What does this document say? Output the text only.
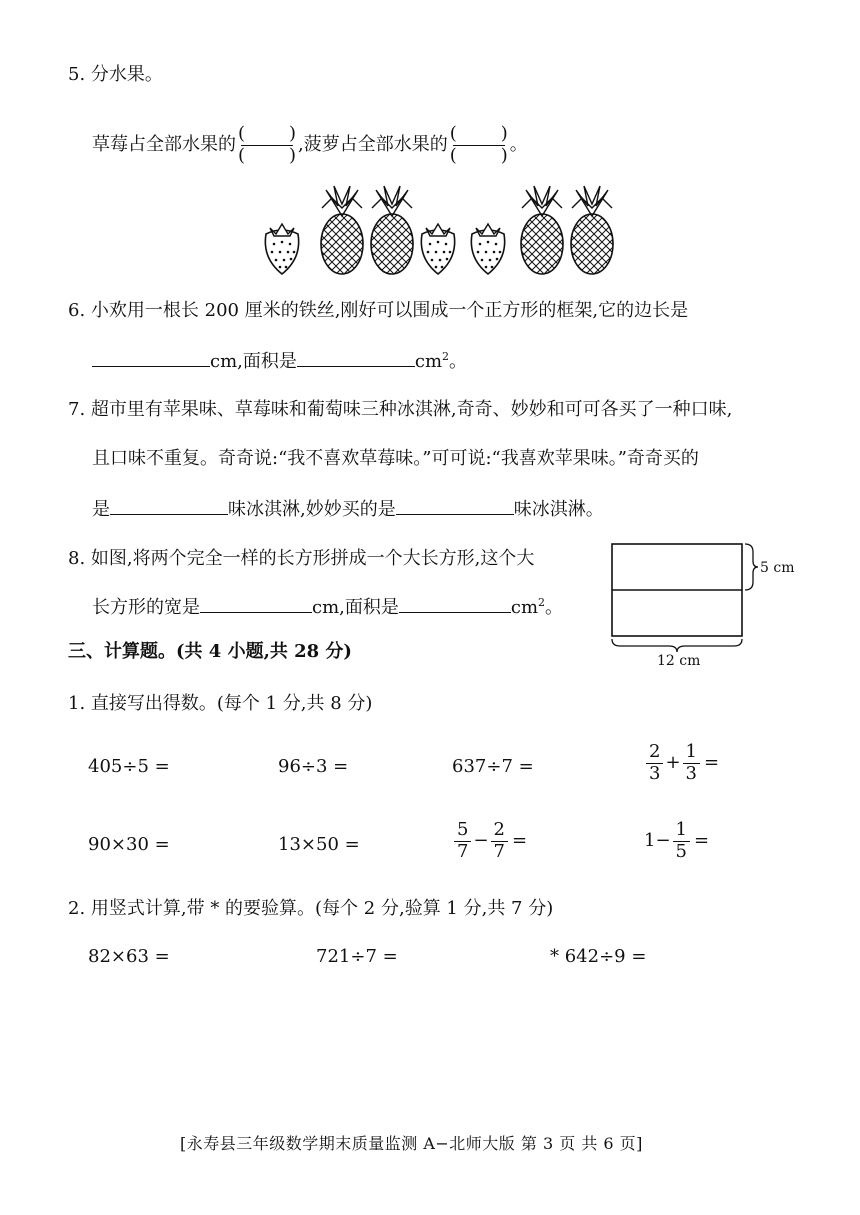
5. 分水果。
草莓占全部水果的 $\frac{( )}{( )}$ ,菠萝占全部水果的 $\frac{( )}{( )}$ 。
6. 小欢用一根长 200 厘米的铁丝,刚好可以围成一个正方形的框架,它的边长是
cm,面积是	$cm^2$。
7. 超市里有苹果味、草莓味和葡萄味三种冰淇淋,奇奇、妙妙和可可各买了一种口味,
且口味不重复。奇奇说:“我不喜欢草莓味。”可可说:“我喜欢苹果味。”奇奇买的
是	味冰淇淋,妙妙买的是	味冰淇淋。
8. 如图,将两个完全一样的长方形拼成一个大长方形,这个大
长方形的宽是	cm,面积是	$cm^2$。
5 cm
12 cm
三、计算题。(共 4 小题,共 28 分)
1. 直接写出得数。(每个 1 分,共 8 分)
405÷5 =	96÷3 =	637÷7 =	$\frac{2}{3} + \frac{1}{3}$ =
90×30 =	13×50 =	$\frac{5}{7} - \frac{2}{7}$ =	$1- \frac{1}{5}$ =
2. 用竖式计算,带 * 的要验算。(每个 2 分,验算 1 分,共 7 分)
82×63 =	721÷7 =	* 642÷9 =
[永寿县三年级数学期末质量监测 A−北师大版 第 3 页 共 6 页]
